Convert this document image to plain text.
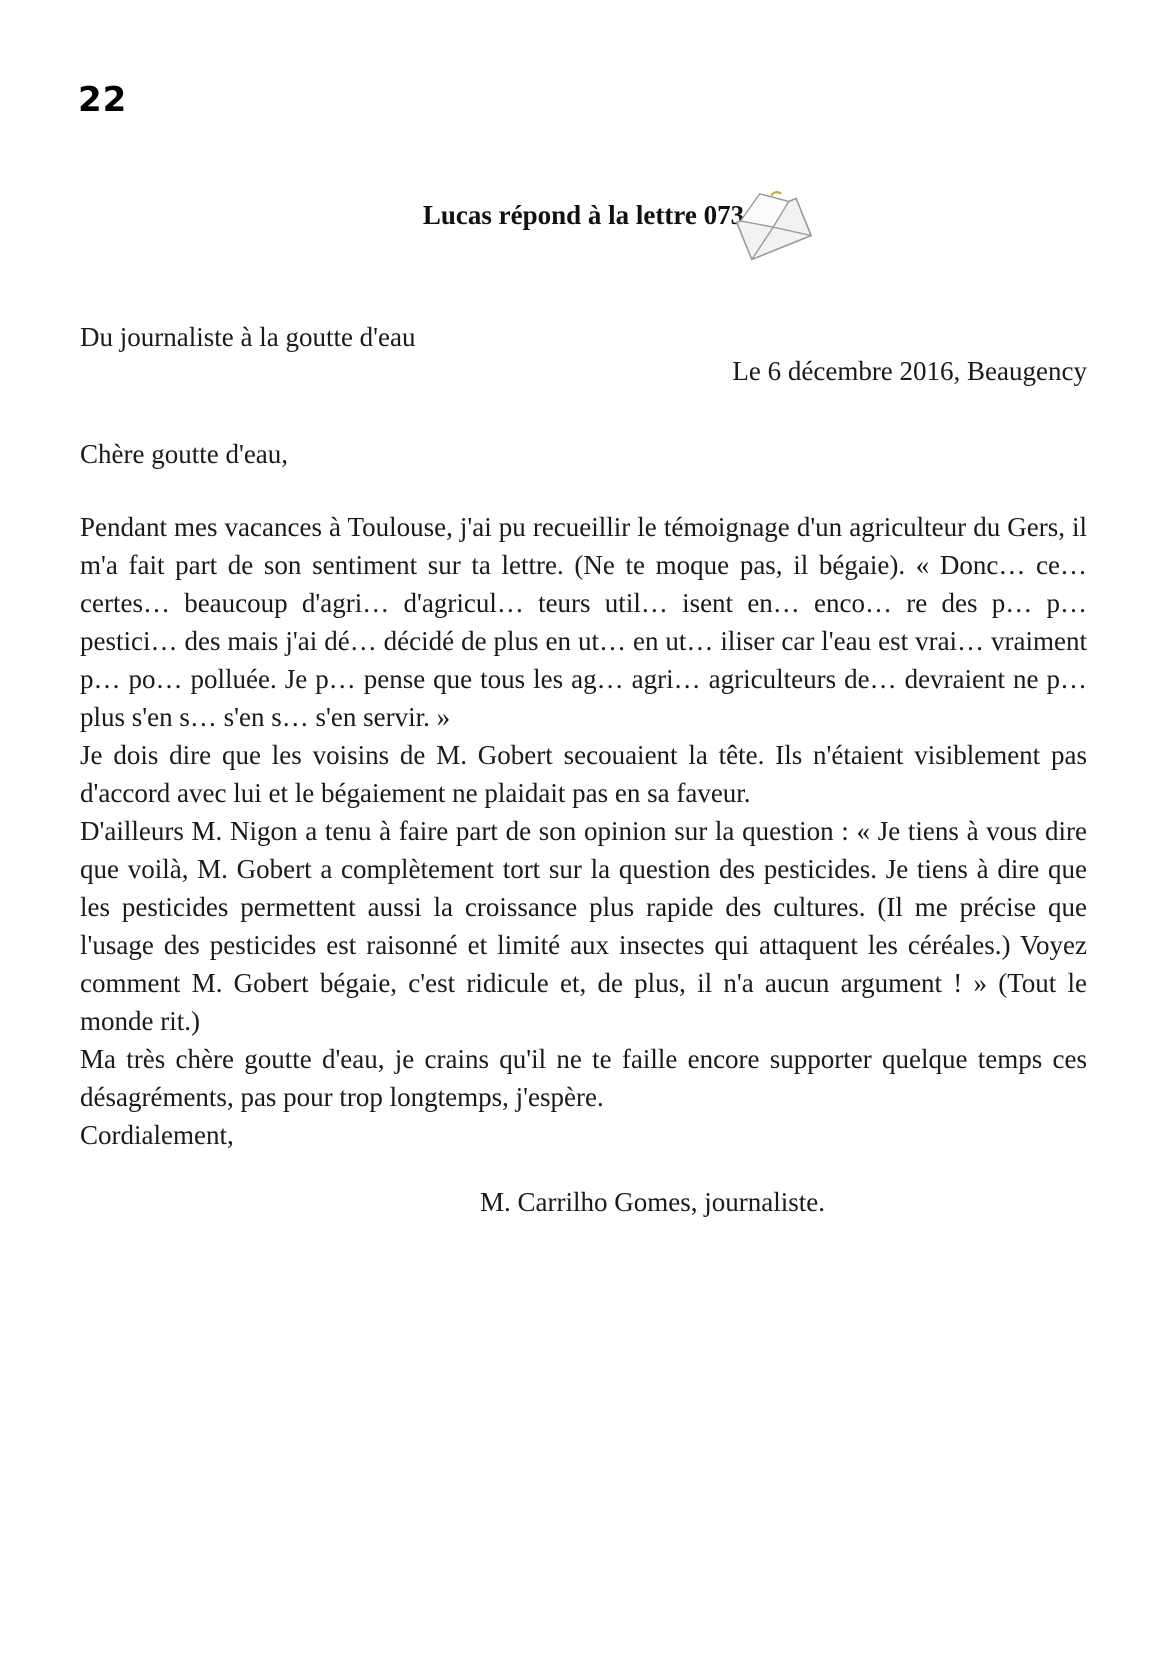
22
Lucas répond à la lettre 073
Du journaliste à la goutte d'eau
Le 6 décembre 2016, Beaugency
Chère goutte d'eau,

Pendant mes vacances à Toulouse, j'ai pu recueillir le témoignage d'un agriculteur du Gers, il m'a fait part de son sentiment sur ta lettre. (Ne te moque pas, il bégaie). « Donc… ce… certes… beaucoup d'agri… d'agricul… teurs util… isent en… enco… re des p… p… pestici… des mais j'ai dé… décidé de plus en ut… en ut… iliser car l'eau est vrai… vraiment p… po… polluée. Je p… pense que tous les ag… agri… agriculteurs de… devraient ne p… plus s'en s… s'en s… s'en servir. »

Je dois dire que les voisins de M. Gobert secouaient la tête. Ils n'étaient visiblement pas d'accord avec lui et le bégaiement ne plaidait pas en sa faveur.

D'ailleurs M. Nigon a tenu à faire part de son opinion sur la question : « Je tiens à vous dire que voilà, M. Gobert a complètement tort sur la question des pesticides. Je tiens à dire que les pesticides permettent aussi la croissance plus rapide des cultures. (Il me précise que l'usage des pesticides est raisonné et limité aux insectes qui attaquent les céréales.) Voyez comment M. Gobert bégaie, c'est ridicule et, de plus, il n'a aucun argument ! » (Tout le monde rit.)

Ma très chère goutte d'eau, je crains qu'il ne te faille encore supporter quelque temps ces désagréments, pas pour trop longtemps, j'espère.

Cordialement,

M. Carrilho Gomes, journaliste.
